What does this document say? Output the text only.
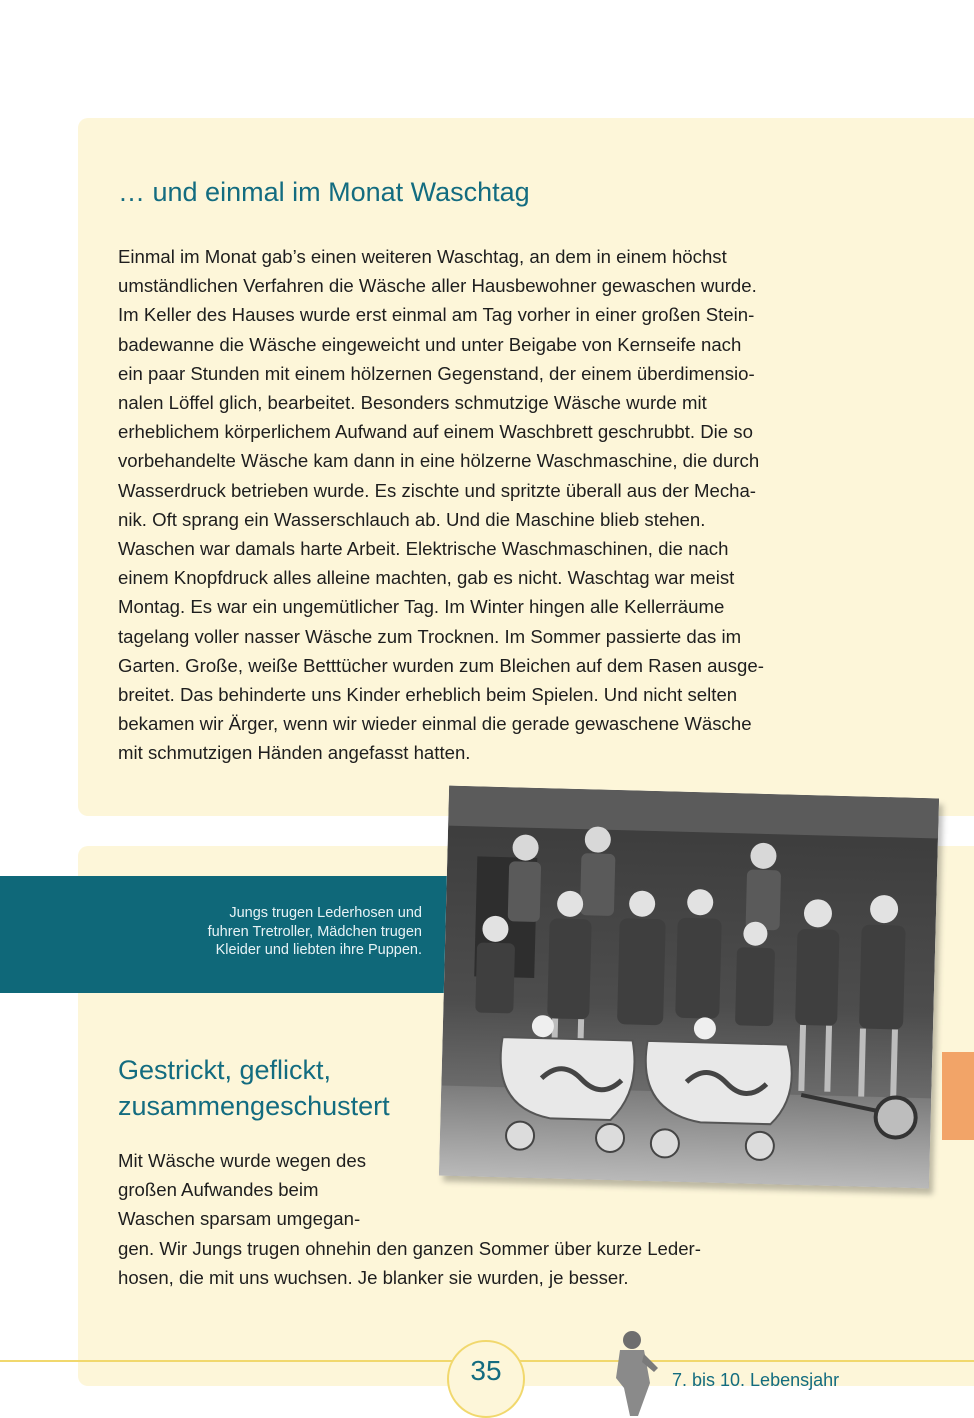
… und einmal im Monat Waschtag
Einmal im Monat gab’s einen weiteren Waschtag, an dem in einem höchst
umständlichen Verfahren die Wäsche aller Hausbewohner gewaschen wurde.
Im Keller des Hauses wurde erst einmal am Tag vorher in einer großen Stein-
badewanne die Wäsche eingeweicht und unter Beigabe von Kernseife nach
ein paar Stunden mit einem hölzernen Gegenstand, der einem überdimensio-
nalen Löffel glich, bearbeitet. Besonders schmutzige Wäsche wurde mit
erheblichem körperlichem Aufwand auf einem Waschbrett geschrubbt. Die so
vorbehandelte Wäsche kam dann in eine hölzerne Waschmaschine, die durch
Wasserdruck betrieben wurde. Es zischte und spritzte überall aus der Mecha-
nik. Oft sprang ein Wasserschlauch ab. Und die Maschine blieb stehen.
Waschen war damals harte Arbeit. Elektrische Waschmaschinen, die nach
einem Knopfdruck alles alleine machten, gab es nicht. Waschtag war meist
Montag. Es war ein ungemütlicher Tag. Im Winter hingen alle Kellerräume
tagelang voller nasser Wäsche zum Trocknen. Im Sommer passierte das im
Garten. Große, weiße Betttücher wurden zum Bleichen auf dem Rasen ausge-
breitet. Das behinderte uns Kinder erheblich beim Spielen. Und nicht selten
bekamen wir Ärger, wenn wir wieder einmal die gerade gewaschene Wäsche
mit schmutzigen Händen angefasst hatten.
Jungs trugen Lederhosen und
fuhren Tretroller, Mädchen trugen
Kleider und liebten ihre Puppen.
Gestrickt, geflickt,
zusammengeschustert
Mit Wäsche wurde wegen des
großen Aufwandes beim
Waschen sparsam umgegan-
gen. Wir Jungs trugen ohnehin den ganzen Sommer über kurze Leder-
hosen, die mit uns wuchsen. Je blanker sie wurden, je besser.
35	7. bis 10. Lebensjahr
